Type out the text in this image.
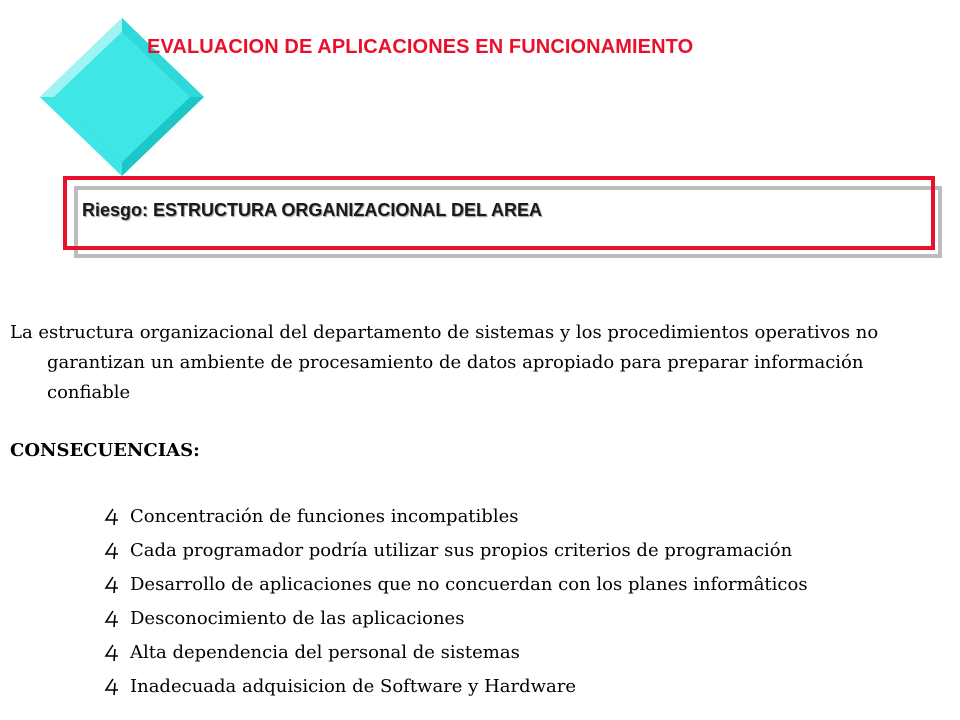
EVALUACION DE APLICACIONES EN FUNCIONAMIENTO
Riesgo: ESTRUCTURA ORGANIZACIONAL DEL AREA
La estructura organizacional del departamento de sistemas y los procedimientos operativos no garantizan un ambiente de procesamiento de datos apropiado para preparar información confiable
CONSECUENCIAS:
Concentración de funciones incompatibles
Cada programador podría utilizar sus propios criterios de programación
Desarrollo de aplicaciones que no concuerdan con los planes informâticos
Desconocimiento de las aplicaciones
Alta dependencia del personal de sistemas
Inadecuada adquisicion de Software y Hardware
